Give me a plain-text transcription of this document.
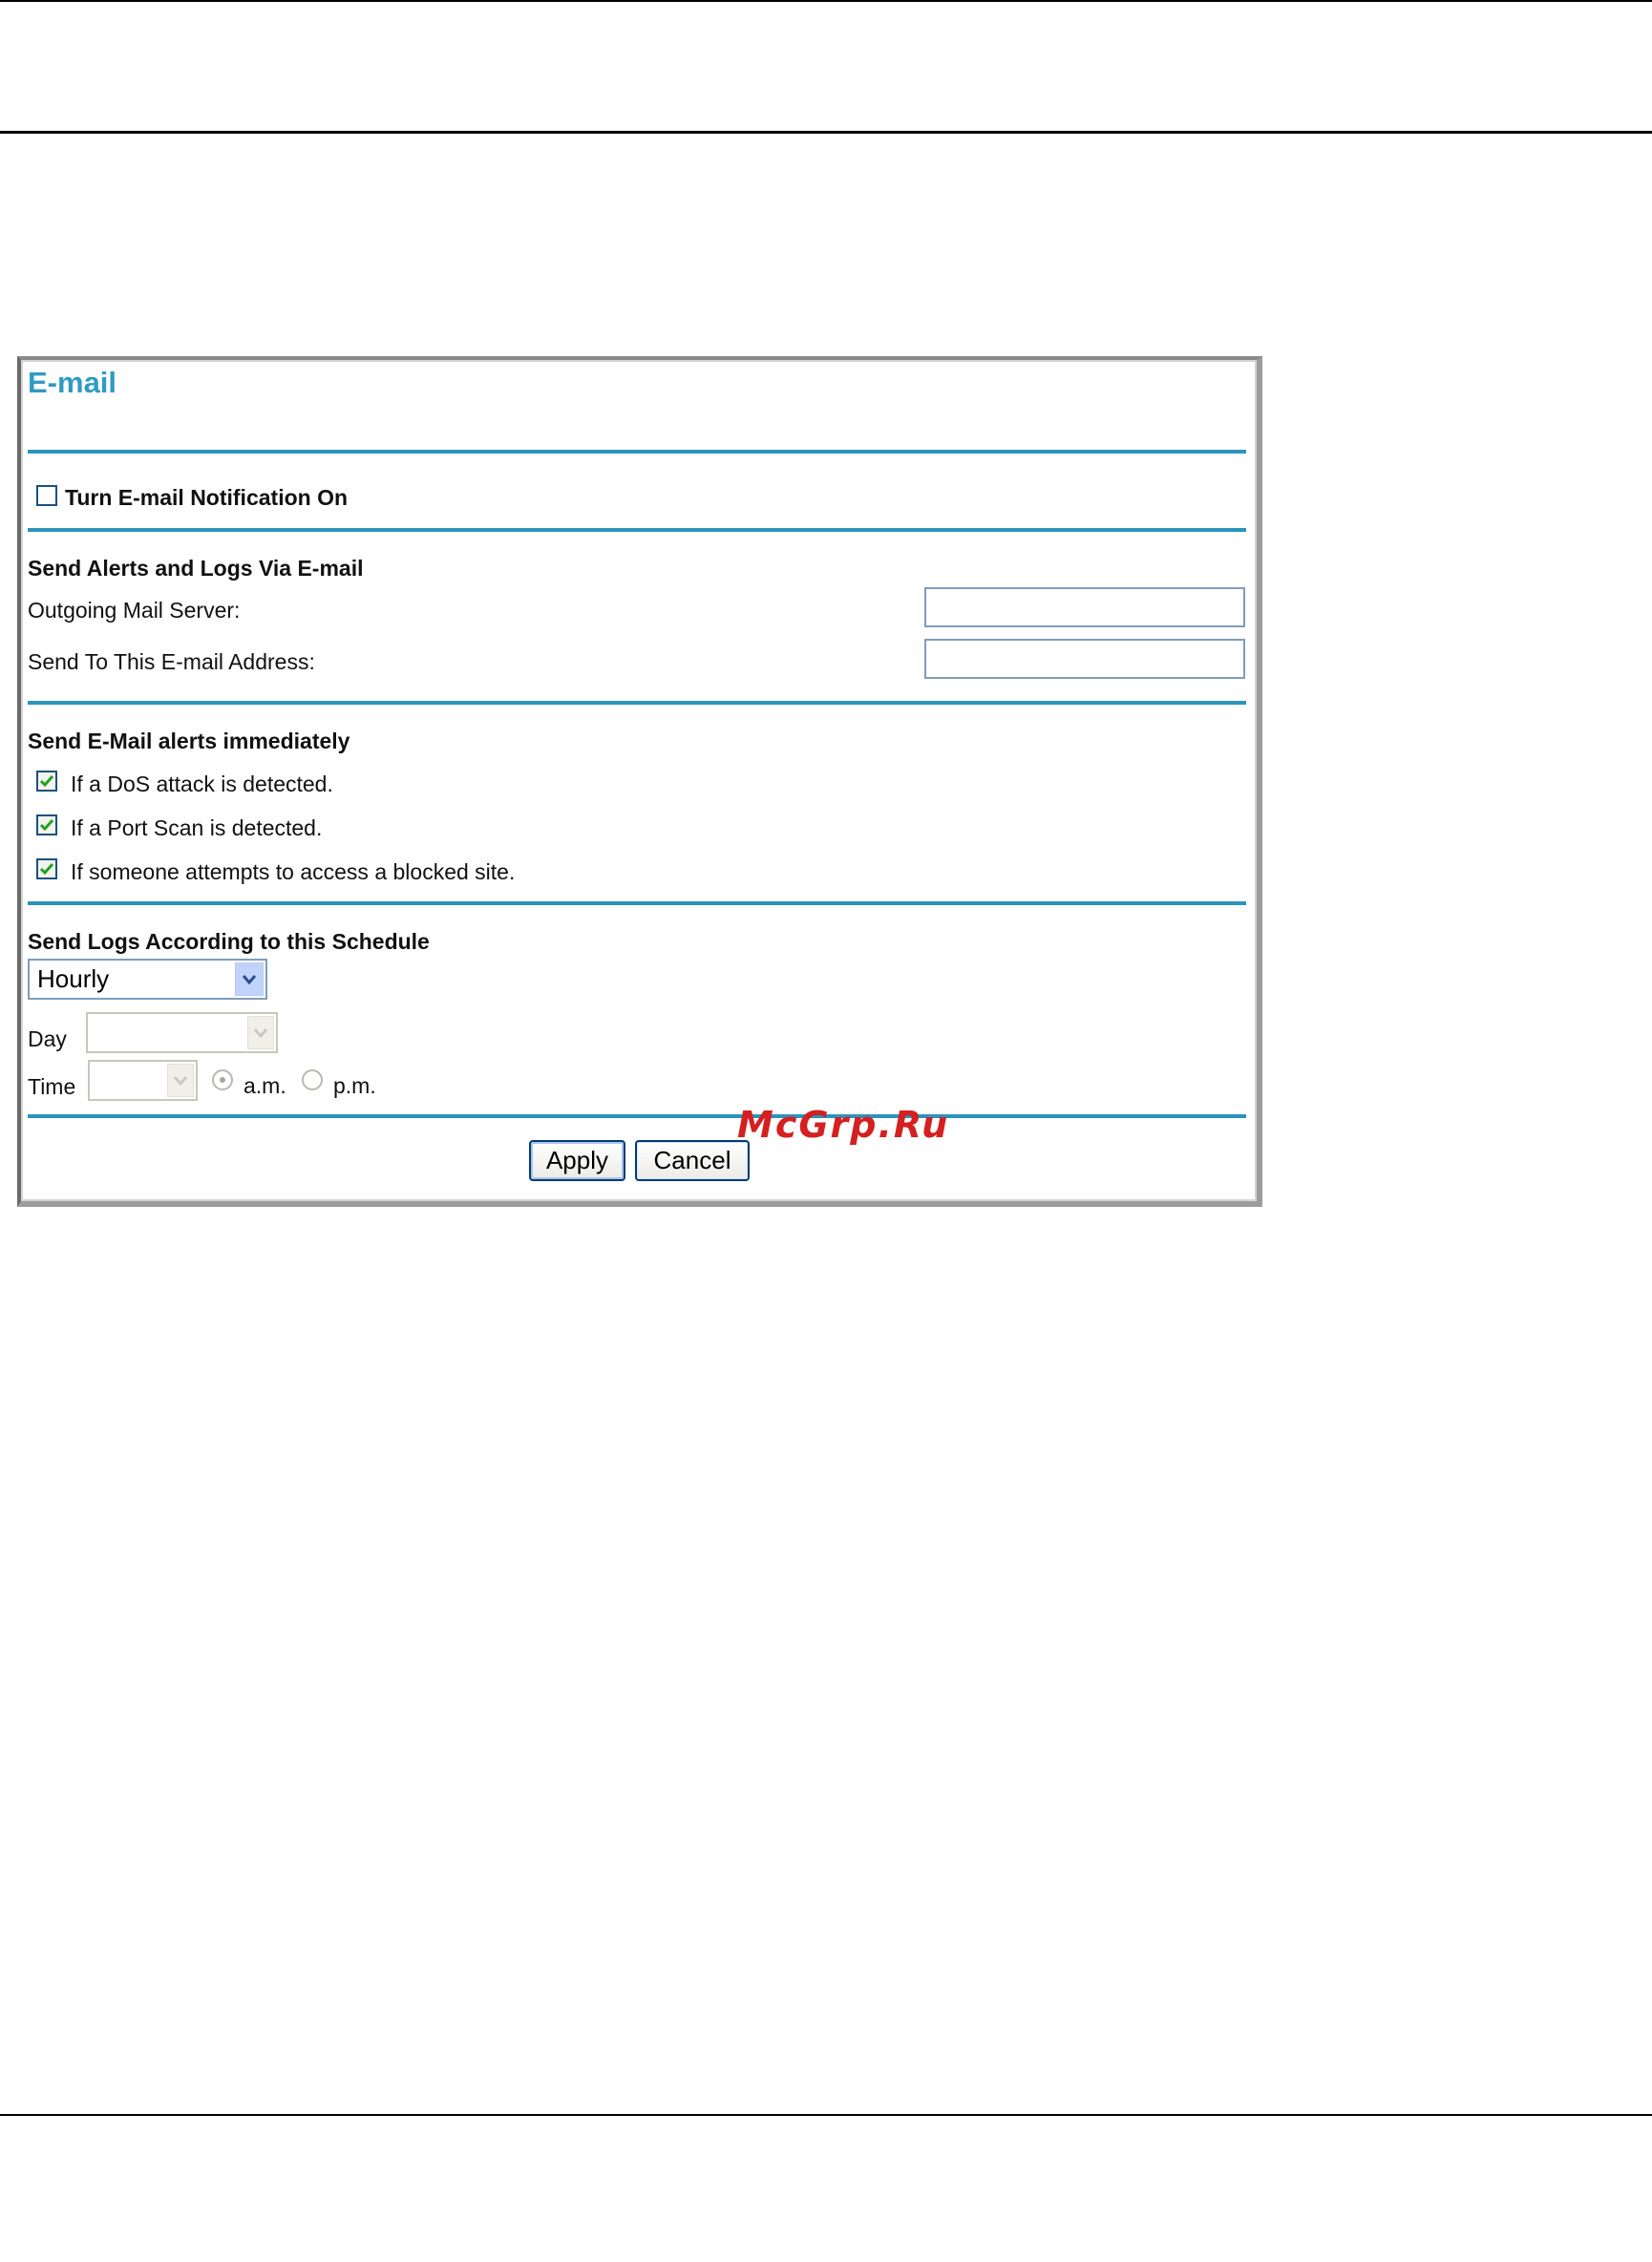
E-mail
Turn E-mail Notification On
Send Alerts and Logs Via E-mail
Outgoing Mail Server:
Send To This E-mail Address:
Send E-Mail alerts immediately
If a DoS attack is detected.
If a Port Scan is detected.
If someone attempts to access a blocked site.
Send Logs According to this Schedule
Hourly
Day
Time	a.m. p.m.
Apply	Cancel
McGrp.Ru
